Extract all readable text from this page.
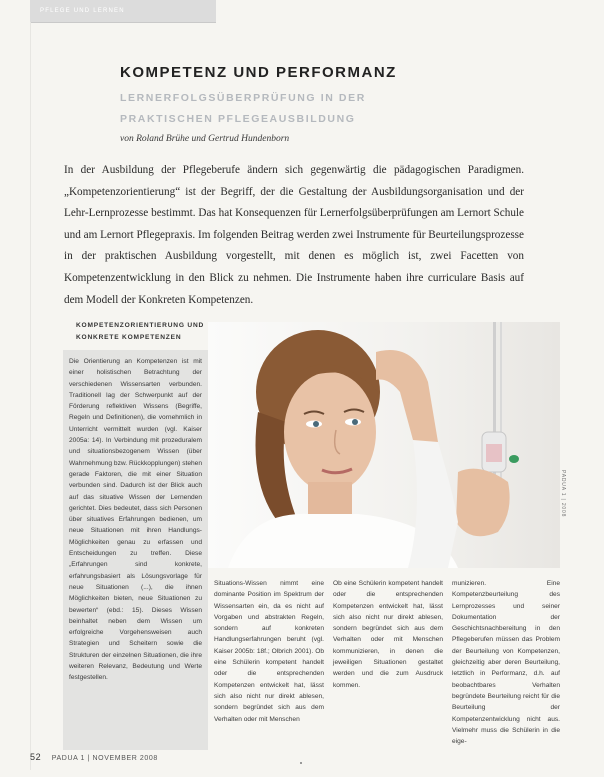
PFLEGE UND LERNEN
KOMPETENZ UND PERFORMANZ
LERNERFOLGSÜBERPRÜFUNG IN DER PRAKTISCHEN PFLEGEAUSBILDUNG
von Roland Brühe und Gertrud Hundenborn
In der Ausbildung der Pflegeberufe ändern sich gegenwärtig die pädagogischen Paradigmen. „Kompetenzorientierung“ ist der Begriff, der die Gestaltung der Ausbildungsorganisation und der Lehr-Lernprozesse bestimmt. Das hat Konsequenzen für Lernerfolgsüberprüfungen am Lernort Schule und am Lernort Pflegepraxis. Im folgenden Beitrag werden zwei Instrumente für Beurteilungsprozesse in der praktischen Ausbildung vorgestellt, mit denen es möglich ist, zwei Facetten von Kompetenzentwicklung in den Blick zu nehmen. Die Instrumente haben ihre curriculare Basis auf dem Modell der Konkreten Kompetenzen.
KOMPETENZORIENTIERUNG UND KONKRETE KOMPETENZEN

Die Orientierung an Kompetenzen ist mit einer holistischen Betrachtung der verschiedenen Wissensarten verbunden. Traditionell lag der Schwerpunkt auf der Förderung reflektiven Wissens (Begriffe, Regeln und Definitionen), die vornehmlich in Unterricht vermittelt wurden (vgl. Kaiser 2005a: 14). In Verbindung mit prozeduralem und situationsbezogenem Wissen (über Wahrnehmung bzw. Rückkopplungen) stehen gerade Faktoren, die mit einer Situation verbunden sind. Dadurch ist der Blick auch auf das situative Wissen der Lernenden gerichtet. Dies bedeutet, dass sich Personen über situatives Erfahrungen bedienen, um neue Situationen mit ihren Handlungs-Möglichkeiten genau zu erfassen und Entscheidungen zu treffen. Diese „Erfahrungen sind konkrete, erfahrungsbasiert als Lösungsvorlage für neue Situationen (...), die ihnen Möglichkeiten bieten, neue Situationen zu bewerten“ (ebd.: 15). Dieses Wissen beinhaltet neben dem Wissen um erfolgreiche Vorgehensweisen auch Strategien und Scheitern sowie die Strukturen der einzelnen Situationen, die ihre weiteren Relevanz, Bedeutung und Werte festgestellen.

Situations-Wissen nimmt eine dominante Position im Spektrum der Wissensarten ein, da es nicht auf Vorgaben und abstrakten Regeln, sondern auf konkreten Handlungserfahrungen beruht (vgl. Kaiser 2005b: 18f.; Olbrich 2001). Ob eine Schülerin kompetent handelt oder die entsprechenden Kompetenzen entwickelt hat, lässt sich also nicht nur direkt ablesen, sondern begründet sich aus dem Verhalten oder mit Menschen
Ob eine Schülerin kompetent handelt oder die entsprechenden Kompetenzen entwickelt hat, lässt sich also nicht nur direkt ablesen, sondern begründet sich aus dem Verhalten oder mit Menschen kommunizieren, in denen die jeweiligen Situationen gestaltet werden und die zum Ausdruck kommen.
munizieren. Eine Kompetenzbeurteilung des Lernprozesses und seiner Dokumentation der Geschichtsnachbereitung in den Pflegeberufen müssen das Problem der Beurteilung von Kompetenzen, gleichzeitig aber deren Beurteilung, letztlich in Performanz, d.h. auf beobachtbares Verhalten begründete Beurteilung reicht für die Beurteilung der Kompetenzentwicklung nicht aus. Vielmehr muss die Schülerin in die eige-
PADUA 1 | 2008
52 PADUA 1 | NOVEMBER 2008
